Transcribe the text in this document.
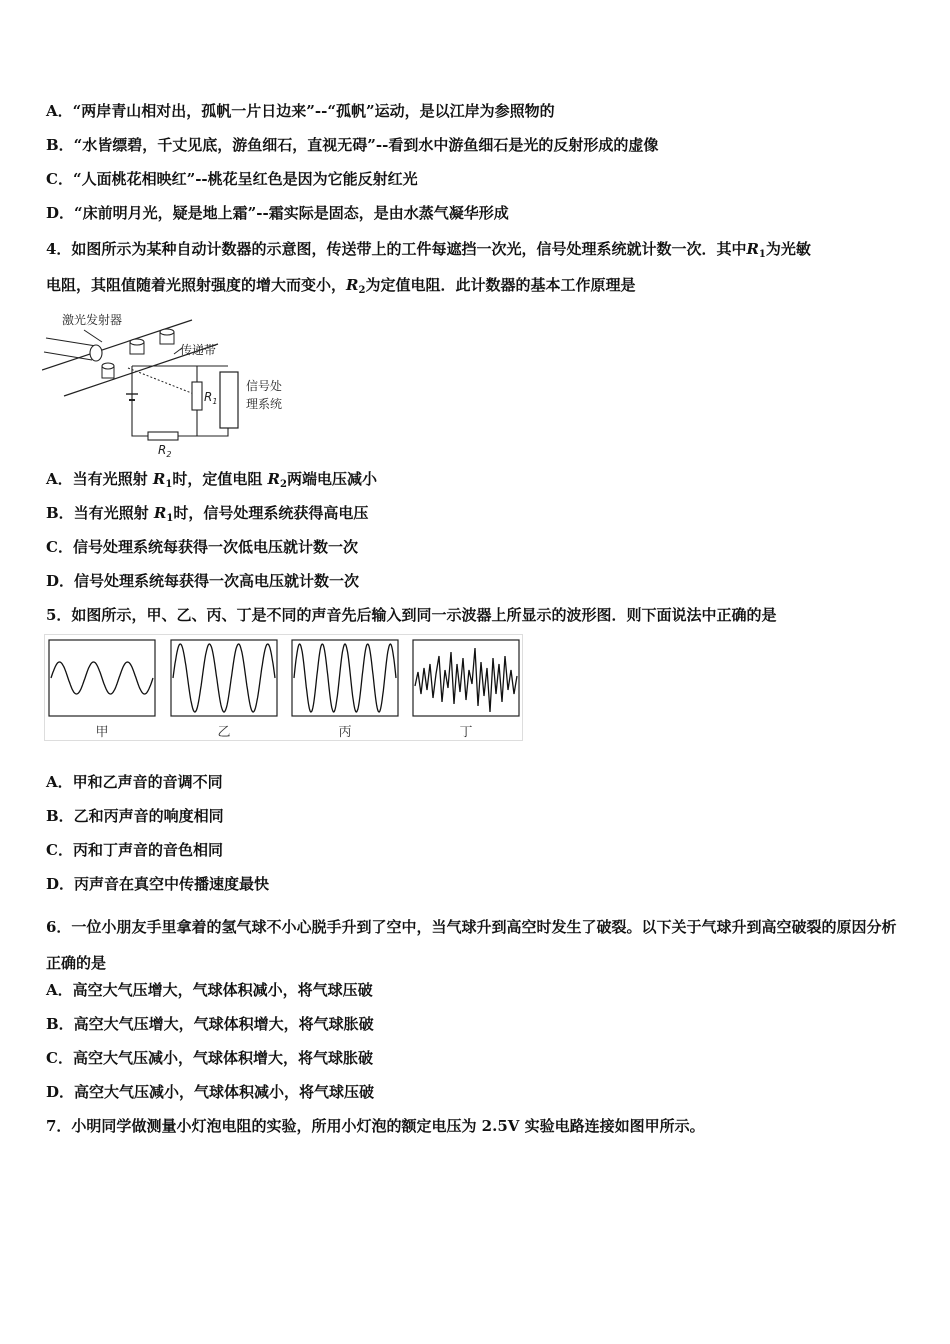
A．“两岸青山相对出，孤帆一片日边来”--“孤帆”运动，是以江岸为参照物的
B．“水皆缥碧，千丈见底，游鱼细石，直视无碍”--看到水中游鱼细石是光的反射形成的虚像
C．“人面桃花相映红”--桃花呈红色是因为它能反射红光
D．“床前明月光，疑是地上霜”--霜实际是固态，是由水蒸气凝华形成
4．如图所示为某种自动计数器的示意图，传送带上的工件每遮挡一次光，信号处理系统就计数一次．其中$R_1$为光敏
电阻，其阻值随着光照射强度的增大而变小，$R_2$为定值电阻．此计数器的基本工作原理是
激光发射器
传递带
$R_1$
$R_2$
信号处
理系统
A．当有光照射 $R_1$时，定值电阻 $R_2$两端电压减小
B．当有光照射 $R_1$时，信号处理系统获得高电压
C．信号处理系统每获得一次低电压就计数一次
D．信号处理系统每获得一次高电压就计数一次
5．如图所示，甲、乙、丙、丁是不同的声音先后输入到同一示波器上所显示的波形图．则下面说法中正确的是
甲	乙	丙	丁
A．甲和乙声音的音调不同
B．乙和丙声音的响度相同
C．丙和丁声音的音色相同
D．丙声音在真空中传播速度最快
6．一位小朋友手里拿着的氢气球不小心脱手升到了空中，当气球升到高空时发生了破裂。以下关于气球升到高空破裂的原因分析正确的是
A．高空大气压增大，气球体积减小，将气球压破
B．高空大气压增大，气球体积增大，将气球胀破
C．高空大气压减小，气球体积增大，将气球胀破
D．高空大气压减小，气球体积减小，将气球压破
7．小明同学做测量小灯泡电阻的实验，所用小灯泡的额定电压为 2.5V 实验电路连接如图甲所示。
